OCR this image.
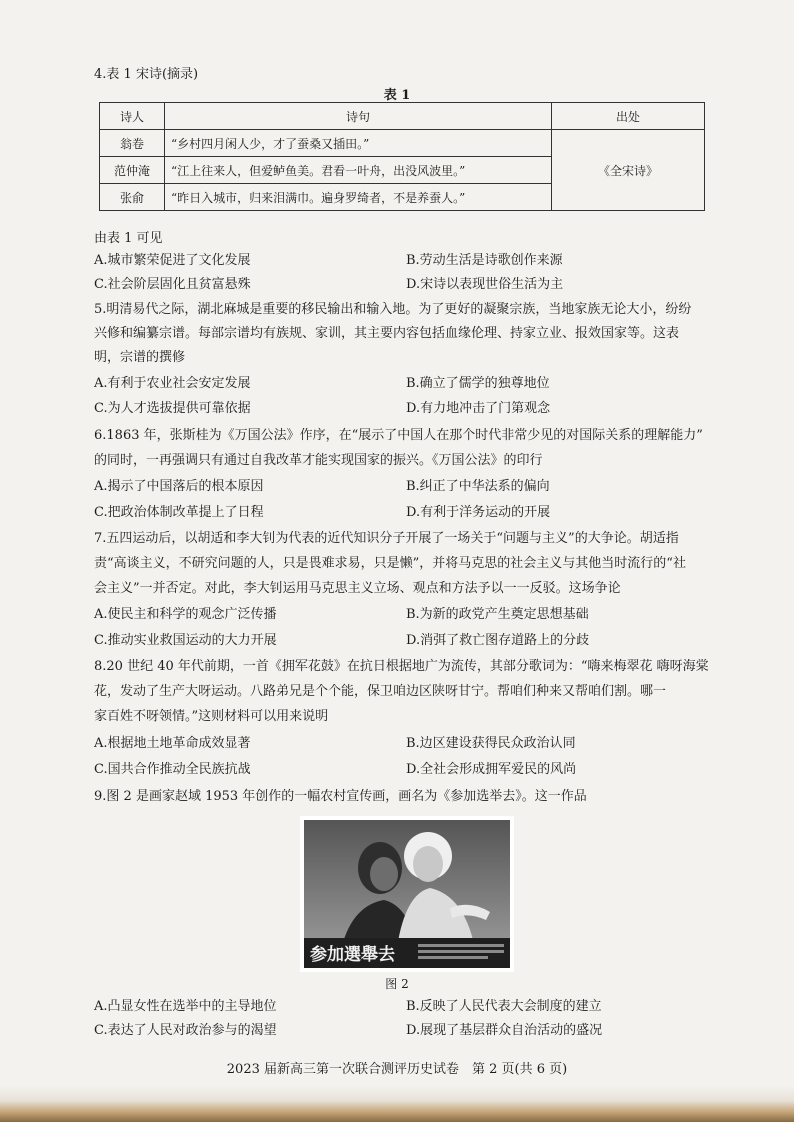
4.表 1 宋诗(摘录)
表 1
诗人	诗句	出处
翁卷	“乡村四月闲人少，才了蚕桑又插田。”	《全宋诗》
范仲淹	“江上往来人，但爱鲈鱼美。君看一叶舟，出没风波里。”	
张俞	“昨日入城市，归来泪满巾。遍身罗绮者，不是养蚕人。”	
由表 1 可见
A.城市繁荣促进了文化发展	B.劳动生活是诗歌创作来源
C.社会阶层固化且贫富悬殊	D.宋诗以表现世俗生活为主
5.明清易代之际，湖北麻城是重要的移民输出和输入地。为了更好的凝聚宗族，当地家族无论大小，纷纷
兴修和编纂宗谱。每部宗谱均有族规、家训，其主要内容包括血缘伦理、持家立业、报效国家等。这表
明，宗谱的撰修
A.有利于农业社会安定发展	B.确立了儒学的独尊地位
C.为人才选拔提供可靠依据	D.有力地冲击了门第观念
6.1863 年，张斯桂为《万国公法》作序，在“展示了中国人在那个时代非常少见的对国际关系的理解能力”
的同时，一再强调只有通过自我改革才能实现国家的振兴。《万国公法》的印行
A.揭示了中国落后的根本原因	B.纠正了中华法系的偏向
C.把政治体制改革提上了日程	D.有利于洋务运动的开展
7.五四运动后，以胡适和李大钊为代表的近代知识分子开展了一场关于“问题与主义”的大争论。胡适指
责“高谈主义，不研究问题的人，只是畏难求易，只是懒”，并将马克思的社会主义与其他当时流行的“社
会主义”一并否定。对此，李大钊运用马克思主义立场、观点和方法予以一一反驳。这场争论
A.使民主和科学的观念广泛传播	B.为新的政党产生奠定思想基础
C.推动实业救国运动的大力开展	D.消弭了救亡图存道路上的分歧
8.20 世纪 40 年代前期，一首《拥军花鼓》在抗日根据地广为流传，其部分歌词为：“嗨来梅翠花 嗨呀海棠
花，发动了生产大呀运动。八路弟兄是个个能，保卫咱边区陕呀甘宁。帮咱们种来又帮咱们割。哪一
家百姓不呀领情。”这则材料可以用来说明
A.根据地土地革命成效显著	B.边区建设获得民众政治认同
C.国共合作推动全民族抗战	D.全社会形成拥军爱民的风尚
9.图 2 是画家赵域 1953 年创作的一幅农村宣传画，画名为《参加选举去》。这一作品
参加選舉去
图 2
A.凸显女性在选举中的主导地位	B.反映了人民代表大会制度的建立
C.表达了人民对政治参与的渴望	D.展现了基层群众自治活动的盛况
2023 届新高三第一次联合测评历史试卷　第 2 页(共 6 页)
